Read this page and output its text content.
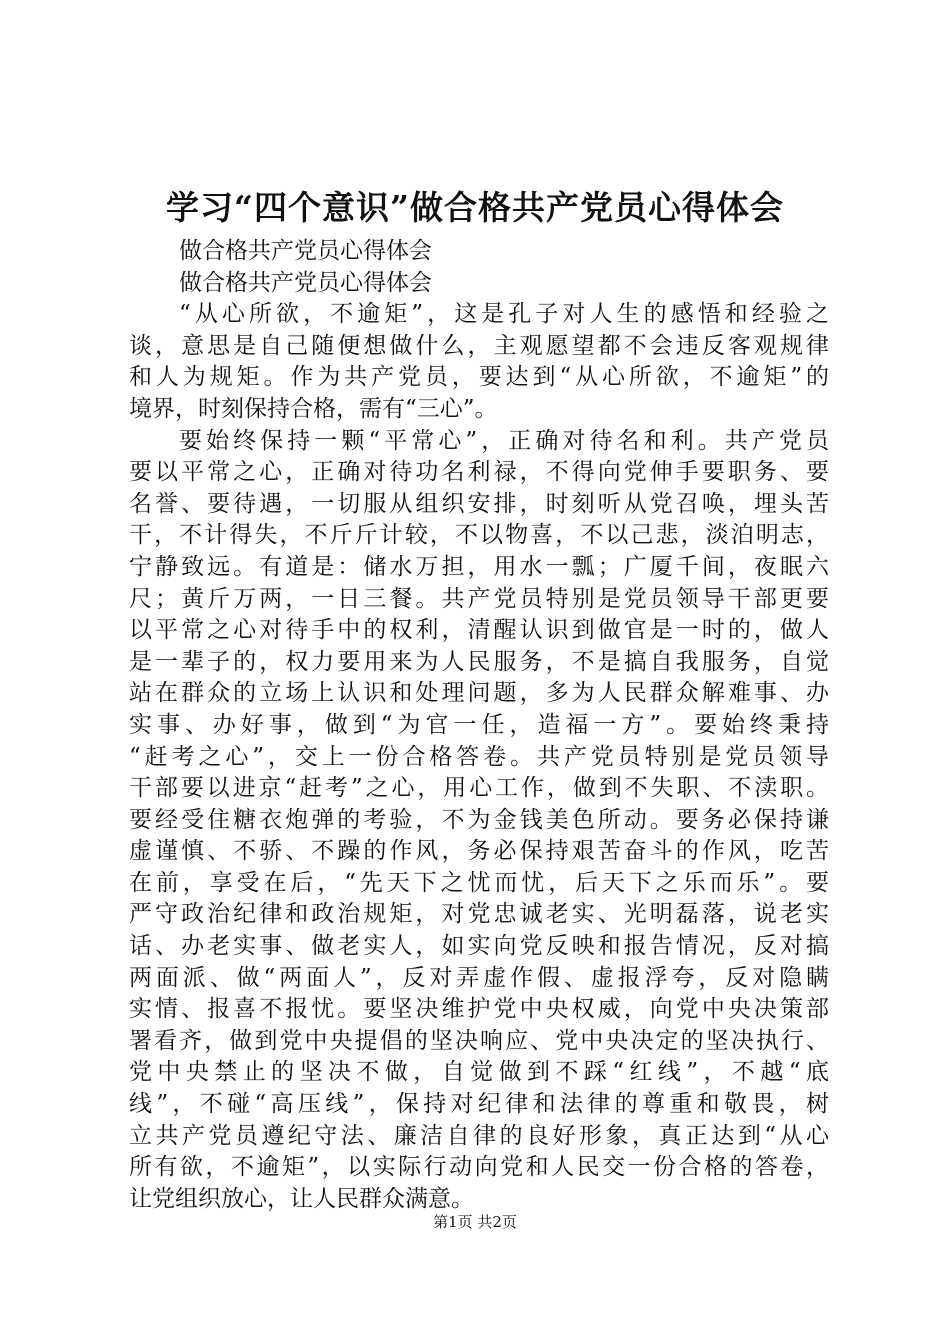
学习“四个意识”做合格共产党员心得体会
做合格共产党员心得体会
做合格共产党员心得体会
“从心所欲，不逾矩”，这是孔子对人生的感悟和经验之
谈，意思是自己随便想做什么，主观愿望都不会违反客观规律
和人为规矩。作为共产党员，要达到“从心所欲，不逾矩”的
境界，时刻保持合格，需有“三心”。
要始终保持一颗“平常心”，正确对待名和利。共产党员
要以平常之心，正确对待功名利禄，不得向党伸手要职务、要
名誉、要待遇，一切服从组织安排，时刻听从党召唤，埋头苦
干，不计得失，不斤斤计较，不以物喜，不以己悲，淡泊明志，
宁静致远。有道是：储水万担，用水一瓢；广厦千间，夜眠六
尺；黄斤万两，一日三餐。共产党员特别是党员领导干部更要
以平常之心对待手中的权利，清醒认识到做官是一时的，做人
是一辈子的，权力要用来为人民服务，不是搞自我服务，自觉
站在群众的立场上认识和处理问题，多为人民群众解难事、办
实事、办好事，做到“为官一任，造福一方”。要始终秉持
“赶考之心”，交上一份合格答卷。共产党员特别是党员领导
干部要以进京“赶考”之心，用心工作，做到不失职、不渎职。
要经受住糖衣炮弹的考验，不为金钱美色所动。要务必保持谦
虚谨慎、不骄、不躁的作风，务必保持艰苦奋斗的作风，吃苦
在前，享受在后，“先天下之忧而忧，后天下之乐而乐”。要
严守政治纪律和政治规矩，对党忠诚老实、光明磊落，说老实
话、办老实事、做老实人，如实向党反映和报告情况，反对搞
两面派、做“两面人”，反对弄虚作假、虚报浮夸，反对隐瞒
实情、报喜不报忧。要坚决维护党中央权威，向党中央决策部
署看齐，做到党中央提倡的坚决响应、党中央决定的坚决执行、
党中央禁止的坚决不做，自觉做到不踩“红线”，不越“底
线”，不碰“高压线”，保持对纪律和法律的尊重和敬畏，树
立共产党员遵纪守法、廉洁自律的良好形象，真正达到“从心
所有欲，不逾矩”，以实际行动向党和人民交一份合格的答卷，
让党组织放心，让人民群众满意。
第1页 共2页
